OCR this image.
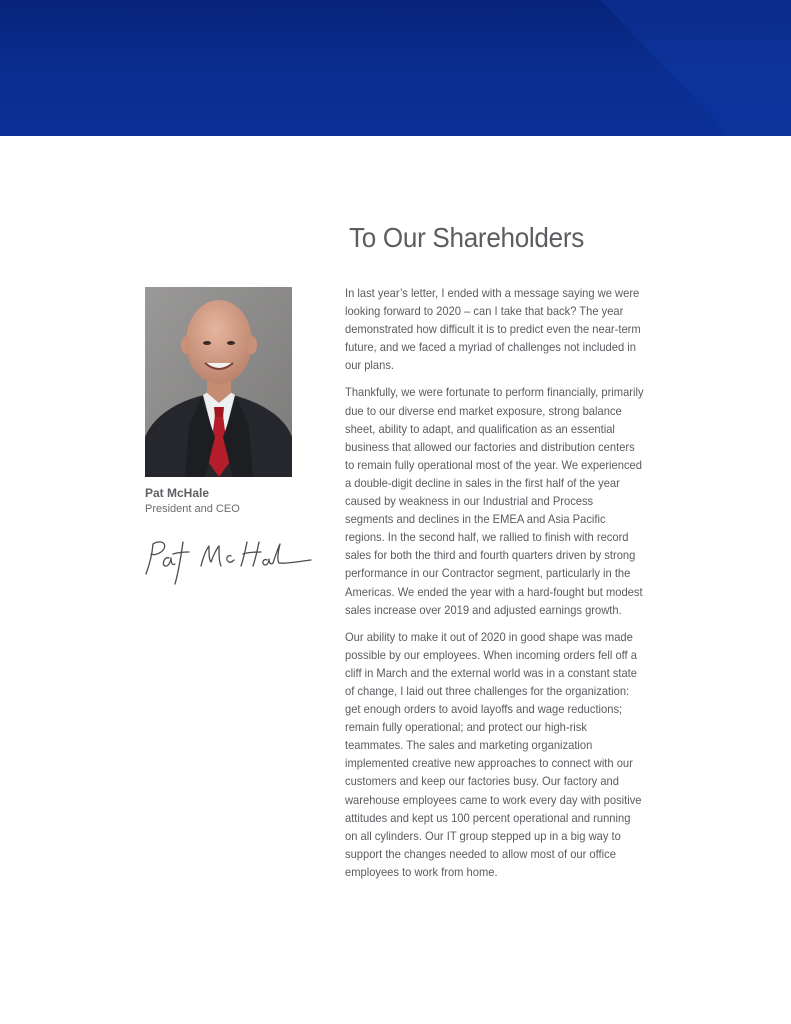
To Our Shareholders
Pat McHale
President and CEO

In last year’s letter, I ended with a message saying we were looking forward to 2020 – can I take that back? The year demonstrated how difficult it is to predict even the near-term future, and we faced a myriad of challenges not included in our plans.

Thankfully, we were fortunate to perform financially, primarily due to our diverse end market exposure, strong balance sheet, ability to adapt, and qualification as an essential business that allowed our factories and distribution centers to remain fully operational most of the year. We experienced a double-digit decline in sales in the first half of the year caused by weakness in our Industrial and Process segments and declines in the EMEA and Asia Pacific regions. In the second half, we rallied to finish with record sales for both the third and fourth quarters driven by strong performance in our Contractor segment, particularly in the Americas. We ended the year with a hard-fought but modest sales increase over 2019 and adjusted earnings growth.

Our ability to make it out of 2020 in good shape was made possible by our employees. When incoming orders fell off a cliff in March and the external world was in a constant state of change, I laid out three challenges for the organization: get enough orders to avoid layoffs and wage reductions; remain fully operational; and protect our high-risk teammates. The sales and marketing organization implemented creative new approaches to connect with our customers and keep our factories busy. Our factory and warehouse employees came to work every day with positive attitudes and kept us 100 percent operational and running on all cylinders. Our IT group stepped up in a big way to support the changes needed to allow most of our office employees to work from home.
